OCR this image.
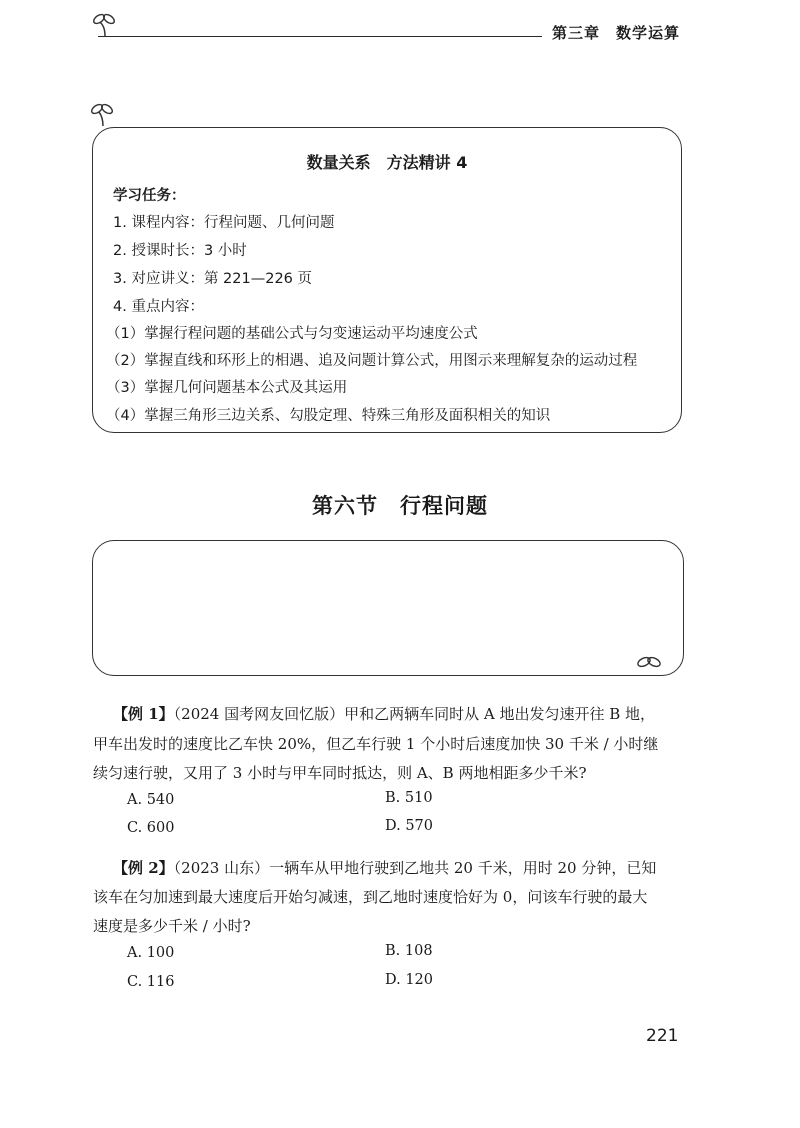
第三章　数学运算
数量关系　方法精讲 4
学习任务：
1. 课程内容：行程问题、几何问题
2. 授课时长：3 小时
3. 对应讲义：第 221—226 页
4. 重点内容：
（1）掌握行程问题的基础公式与匀变速运动平均速度公式
（2）掌握直线和环形上的相遇、追及问题计算公式，用图示来理解复杂的运动过程
（3）掌握几何问题基本公式及其运用
（4）掌握三角形三边关系、勾股定理、特殊三角形及面积相关的知识
第六节　行程问题
【例 1】（2024 国考网友回忆版）甲和乙两辆车同时从 A 地出发匀速开往 B 地，
甲车出发时的速度比乙车快 20%，但乙车行驶 1 个小时后速度加快 30 千米 / 小时继
续匀速行驶，又用了 3 小时与甲车同时抵达，则 A、B 两地相距多少千米?
A. 540	B. 510
C. 600	D. 570
【例 2】（2023 山东）一辆车从甲地行驶到乙地共 20 千米，用时 20 分钟，已知
该车在匀加速到最大速度后开始匀减速，到乙地时速度恰好为 0，问该车行驶的最大
速度是多少千米 / 小时?
A. 100	B. 108
C. 116	D. 120
221
